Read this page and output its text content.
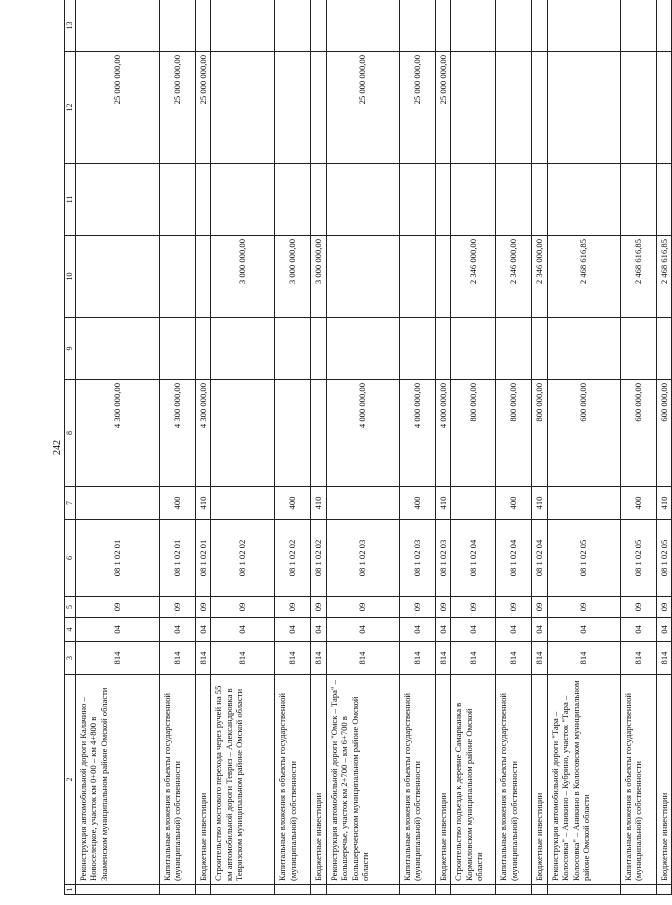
242
1	2	3	4	5	6	7	8	9	10	11	12	13
	Реконструкция автомобильной дороги Калачино – Новоселецкое, участок км 0+00 – км 4+800 в Знаменском муниципальном районе Омской области	814	04	09	08 1 02 01		4 300 000,00				25 000 000,00	
	Капитальные вложения в объекты государственной (муниципальной) собственности	814	04	09	08 1 02 01	400	4 300 000,00				25 000 000,00	
	Бюджетные инвестиции	814	04	09	08 1 02 01	410	4 300 000,00				25 000 000,00	
	Строительство мостового перехода через ручей на 55 км автомобильной дороги Тевриз – Александровка в Тевризском муниципальном районе Омской области	814	04	09	08 1 02 02				3 000 000,00			
	Капитальные вложения в объекты государственной (муниципальной) собственности	814	04	09	08 1 02 02	400			3 000 000,00			
	Бюджетные инвестиции	814	04	09	08 1 02 02	410			3 000 000,00			
	Реконструкция автомобильной дороги "Омск – Тара" – Большеречье, участок км 2+700 – км 6+700 в Большереченском муниципальном районе Омской области	814	04	09	08 1 02 03		4 000 000,00				25 000 000,00	
	Капитальные вложения в объекты государственной (муниципальной) собственности	814	04	09	08 1 02 03	400	4 000 000,00				25 000 000,00	
	Бюджетные инвестиции	814	04	09	08 1 02 03	410	4 000 000,00				25 000 000,00	
	Строительство подъезда к деревне Самарканка в Кормиловском муниципальном районе Омской области	814	04	09	08 1 02 04		800 000,00		2 346 000,00			
	Капитальные вложения в объекты государственной (муниципальной) собственности	814	04	09	08 1 02 04	400	800 000,00		2 346 000,00			
	Бюджетные инвестиции	814	04	09	08 1 02 04	410	800 000,00		2 346 000,00			
	Реконструкция автомобильной дороги "Тара – Колосовка" – Аникино – Кубрино, участок "Тара – Колосовка" – Аникино в Колосовском муниципальном районе Омской области	814	04	09	08 1 02 05		600 000,00		2 468 616,85			
	Капитальные вложения в объекты государственной (муниципальной) собственности	814	04	09	08 1 02 05	400	600 000,00		2 468 616,85			
	Бюджетные инвестиции	814	04	09	08 1 02 05	410	600 000,00		2 468 616,85			
